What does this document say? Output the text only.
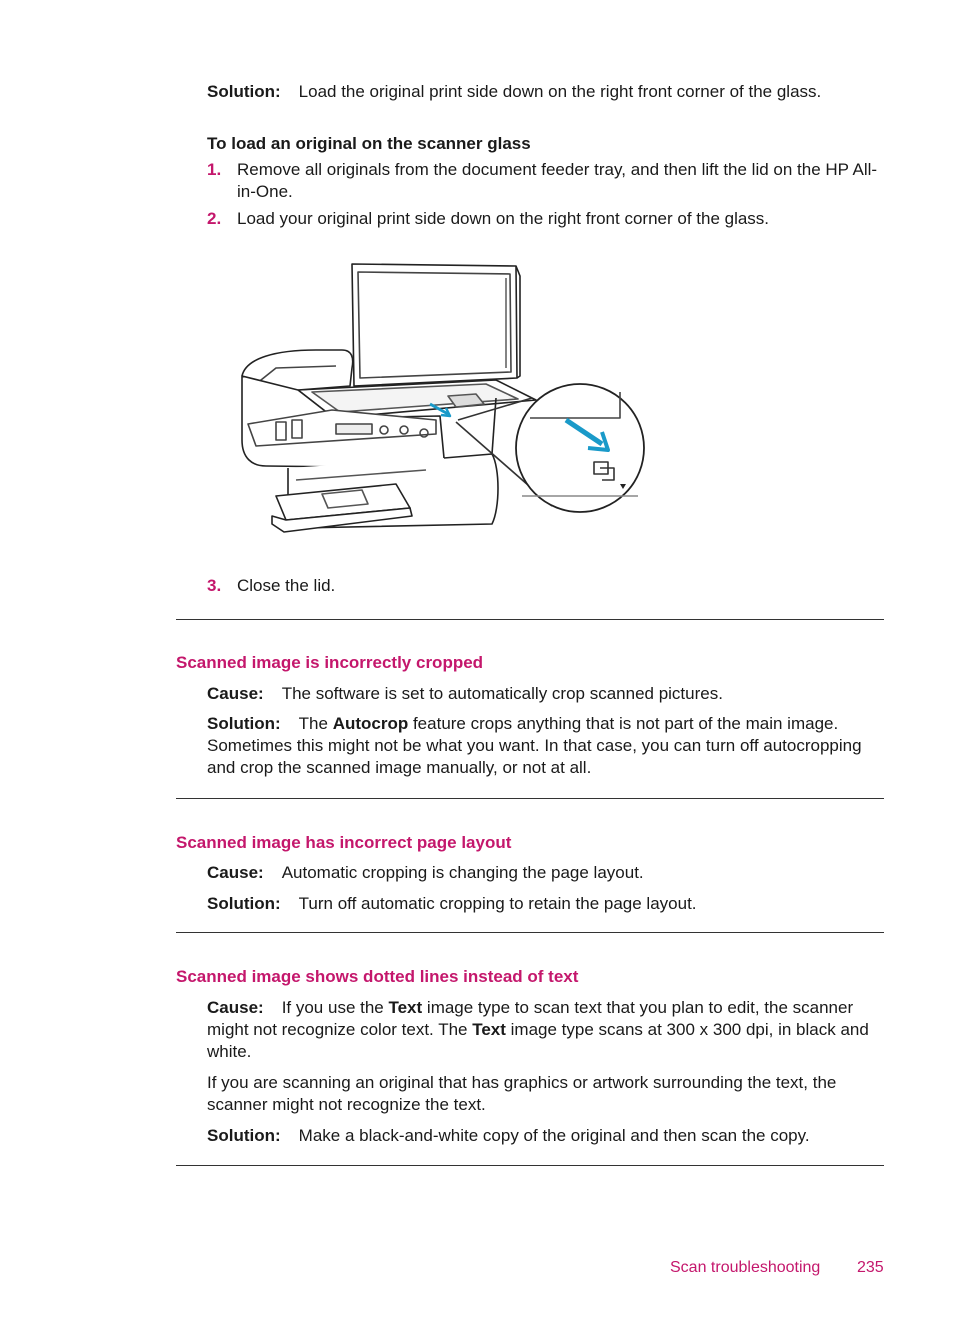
Solution: Load the original print side down on the right front corner of the glass.
To load an original on the scanner glass
1. Remove all originals from the document feeder tray, and then lift the lid on the HP All-in-One.
2. Load your original print side down on the right front corner of the glass.
3. Close the lid.
Scanned image is incorrectly cropped
Cause: The software is set to automatically crop scanned pictures.
Solution: The Autocrop feature crops anything that is not part of the main image. Sometimes this might not be what you want. In that case, you can turn off autocropping and crop the scanned image manually, or not at all.
Scanned image has incorrect page layout
Cause: Automatic cropping is changing the page layout.
Solution: Turn off automatic cropping to retain the page layout.
Scanned image shows dotted lines instead of text
Cause: If you use the Text image type to scan text that you plan to edit, the scanner might not recognize color text. The Text image type scans at 300 x 300 dpi, in black and white.
If you are scanning an original that has graphics or artwork surrounding the text, the scanner might not recognize the text.
Solution: Make a black-and-white copy of the original and then scan the copy.
Scan troubleshooting 235
